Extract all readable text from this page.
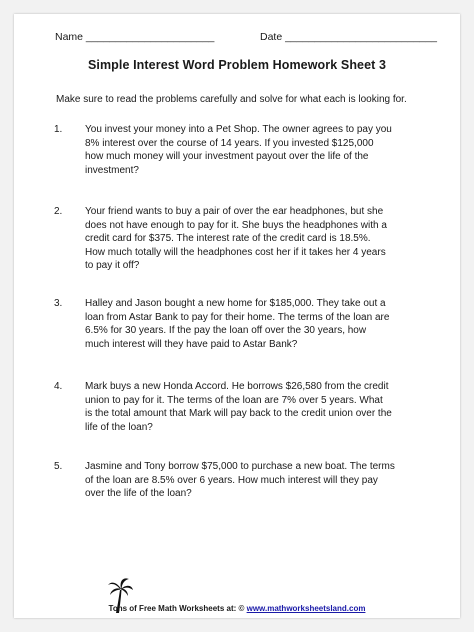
Name ______________________	Date __________________________
Simple Interest Word Problem Homework Sheet 3
Make sure to read the problems carefully and solve for what each is looking for.
1. You invest your money into a Pet Shop. The owner agrees to pay you
8% interest over the course of 14 years. If you invested $125,000
how much money will your investment payout over the life of the
investment?
2. Your friend wants to buy a pair of over the ear headphones, but she
does not have enough to pay for it. She buys the headphones with a
credit card for $375. The interest rate of the credit card is 18.5%.
How much totally will the headphones cost her if it takes her 4 years
to pay it off?
3. Halley and Jason bought a new home for $185,000. They take out a
loan from Astar Bank to pay for their home. The terms of the loan are
6.5% for 30 years. If the pay the loan off over the 30 years, how
much interest will they have paid to Astar Bank?
4. Mark buys a new Honda Accord. He borrows $26,580 from the credit
union to pay for it. The terms of the loan are 7% over 5 years. What
is the total amount that Mark will pay back to the credit union over the
life of the loan?
5. Jasmine and Tony borrow $75,000 to purchase a new boat. The terms
of the loan are 8.5% over 6 years. How much interest will they pay
over the life of the loan?
Tons of Free Math Worksheets at: © www.mathworksheetsland.com
